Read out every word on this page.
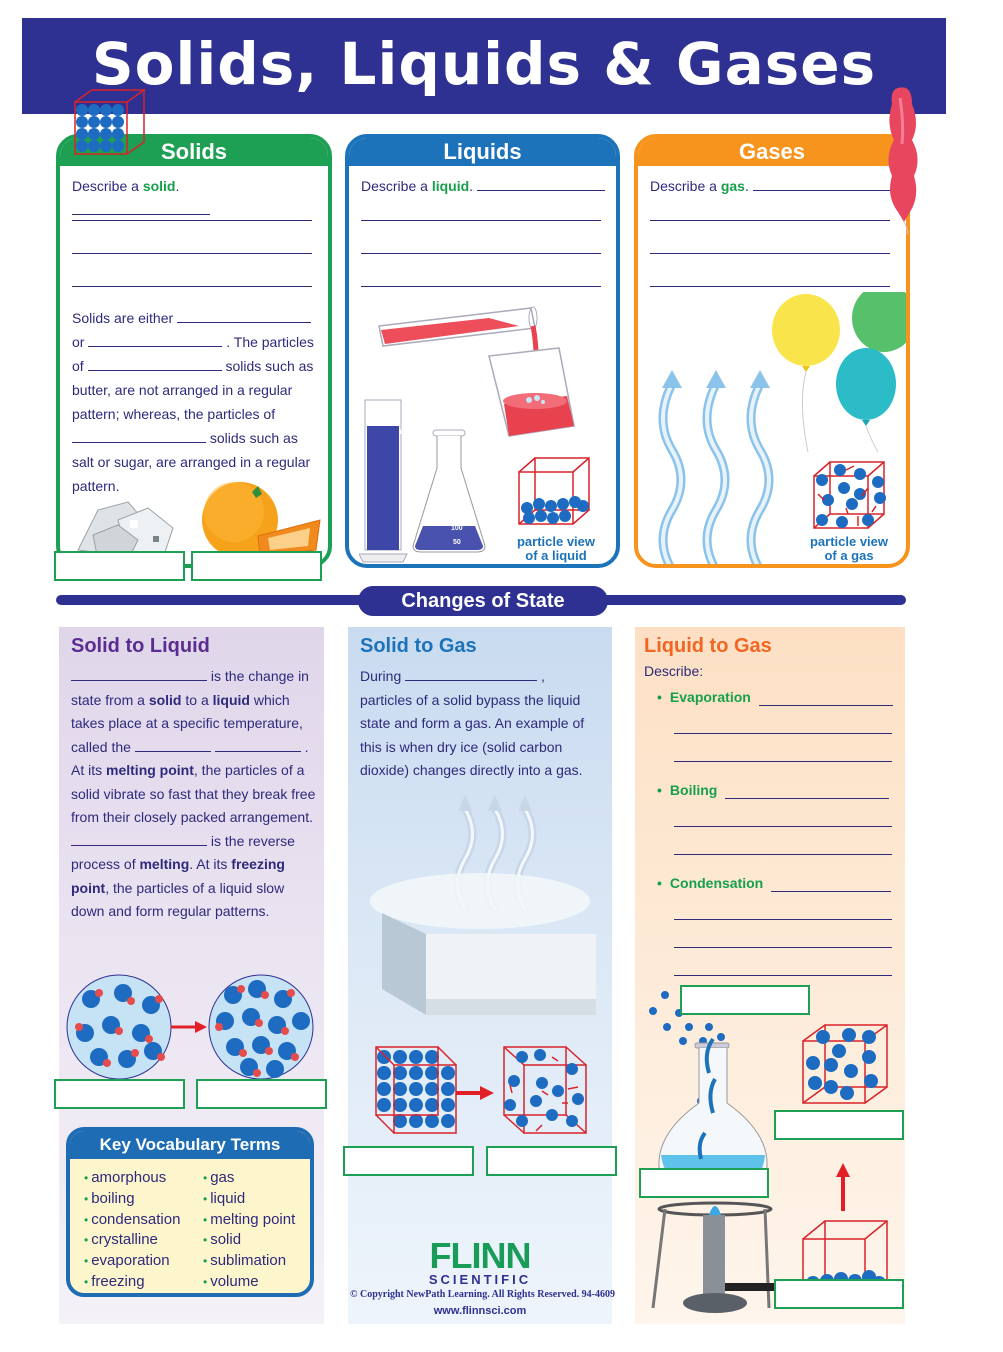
Solids, Liquids & Gases
Solids
Describe a solid.
Solids are either
or	. The particles
of	solids such as
butter, are not arranged in a regular
pattern; whereas, the particles of
solids such as
salt or sugar, are arranged in a regular
pattern.
Liquids
Describe a liquid.
100
90
80
70
60
50
40
30
20
10
100
50	particle view
of a liquid
Gases
Describe a gas.
particle view
of a gas
Changes of State
Solid to Liquid
is the change in
state from a solid to a liquid which
takes place at a specific temperature,
called the	.
At its melting point, the particles of a
solid vibrate so fast that they break free
from their closely packed arrangement.
is the reverse
process of melting. At its freezing
point, the particles of a liquid slow
down and form regular patterns.
Key Vocabulary Terms
• amorphous
• boiling
• condensation
• crystalline
• evaporation
• freezing
• gas
• liquid
• melting point
• solid
• sublimation
• volume
Solid to Gas
During	,
particles of a solid bypass the liquid
state and form a gas. An example of
this is when dry ice (solid carbon
dioxide) changes directly into a gas.
FLINN
SCIENTIFIC
© Copyright NewPath Learning. All Rights Reserved. 94-4609
www.flinnsci.com
Liquid to Gas
Describe:
• Evaporation
• Boiling
• Condensation
